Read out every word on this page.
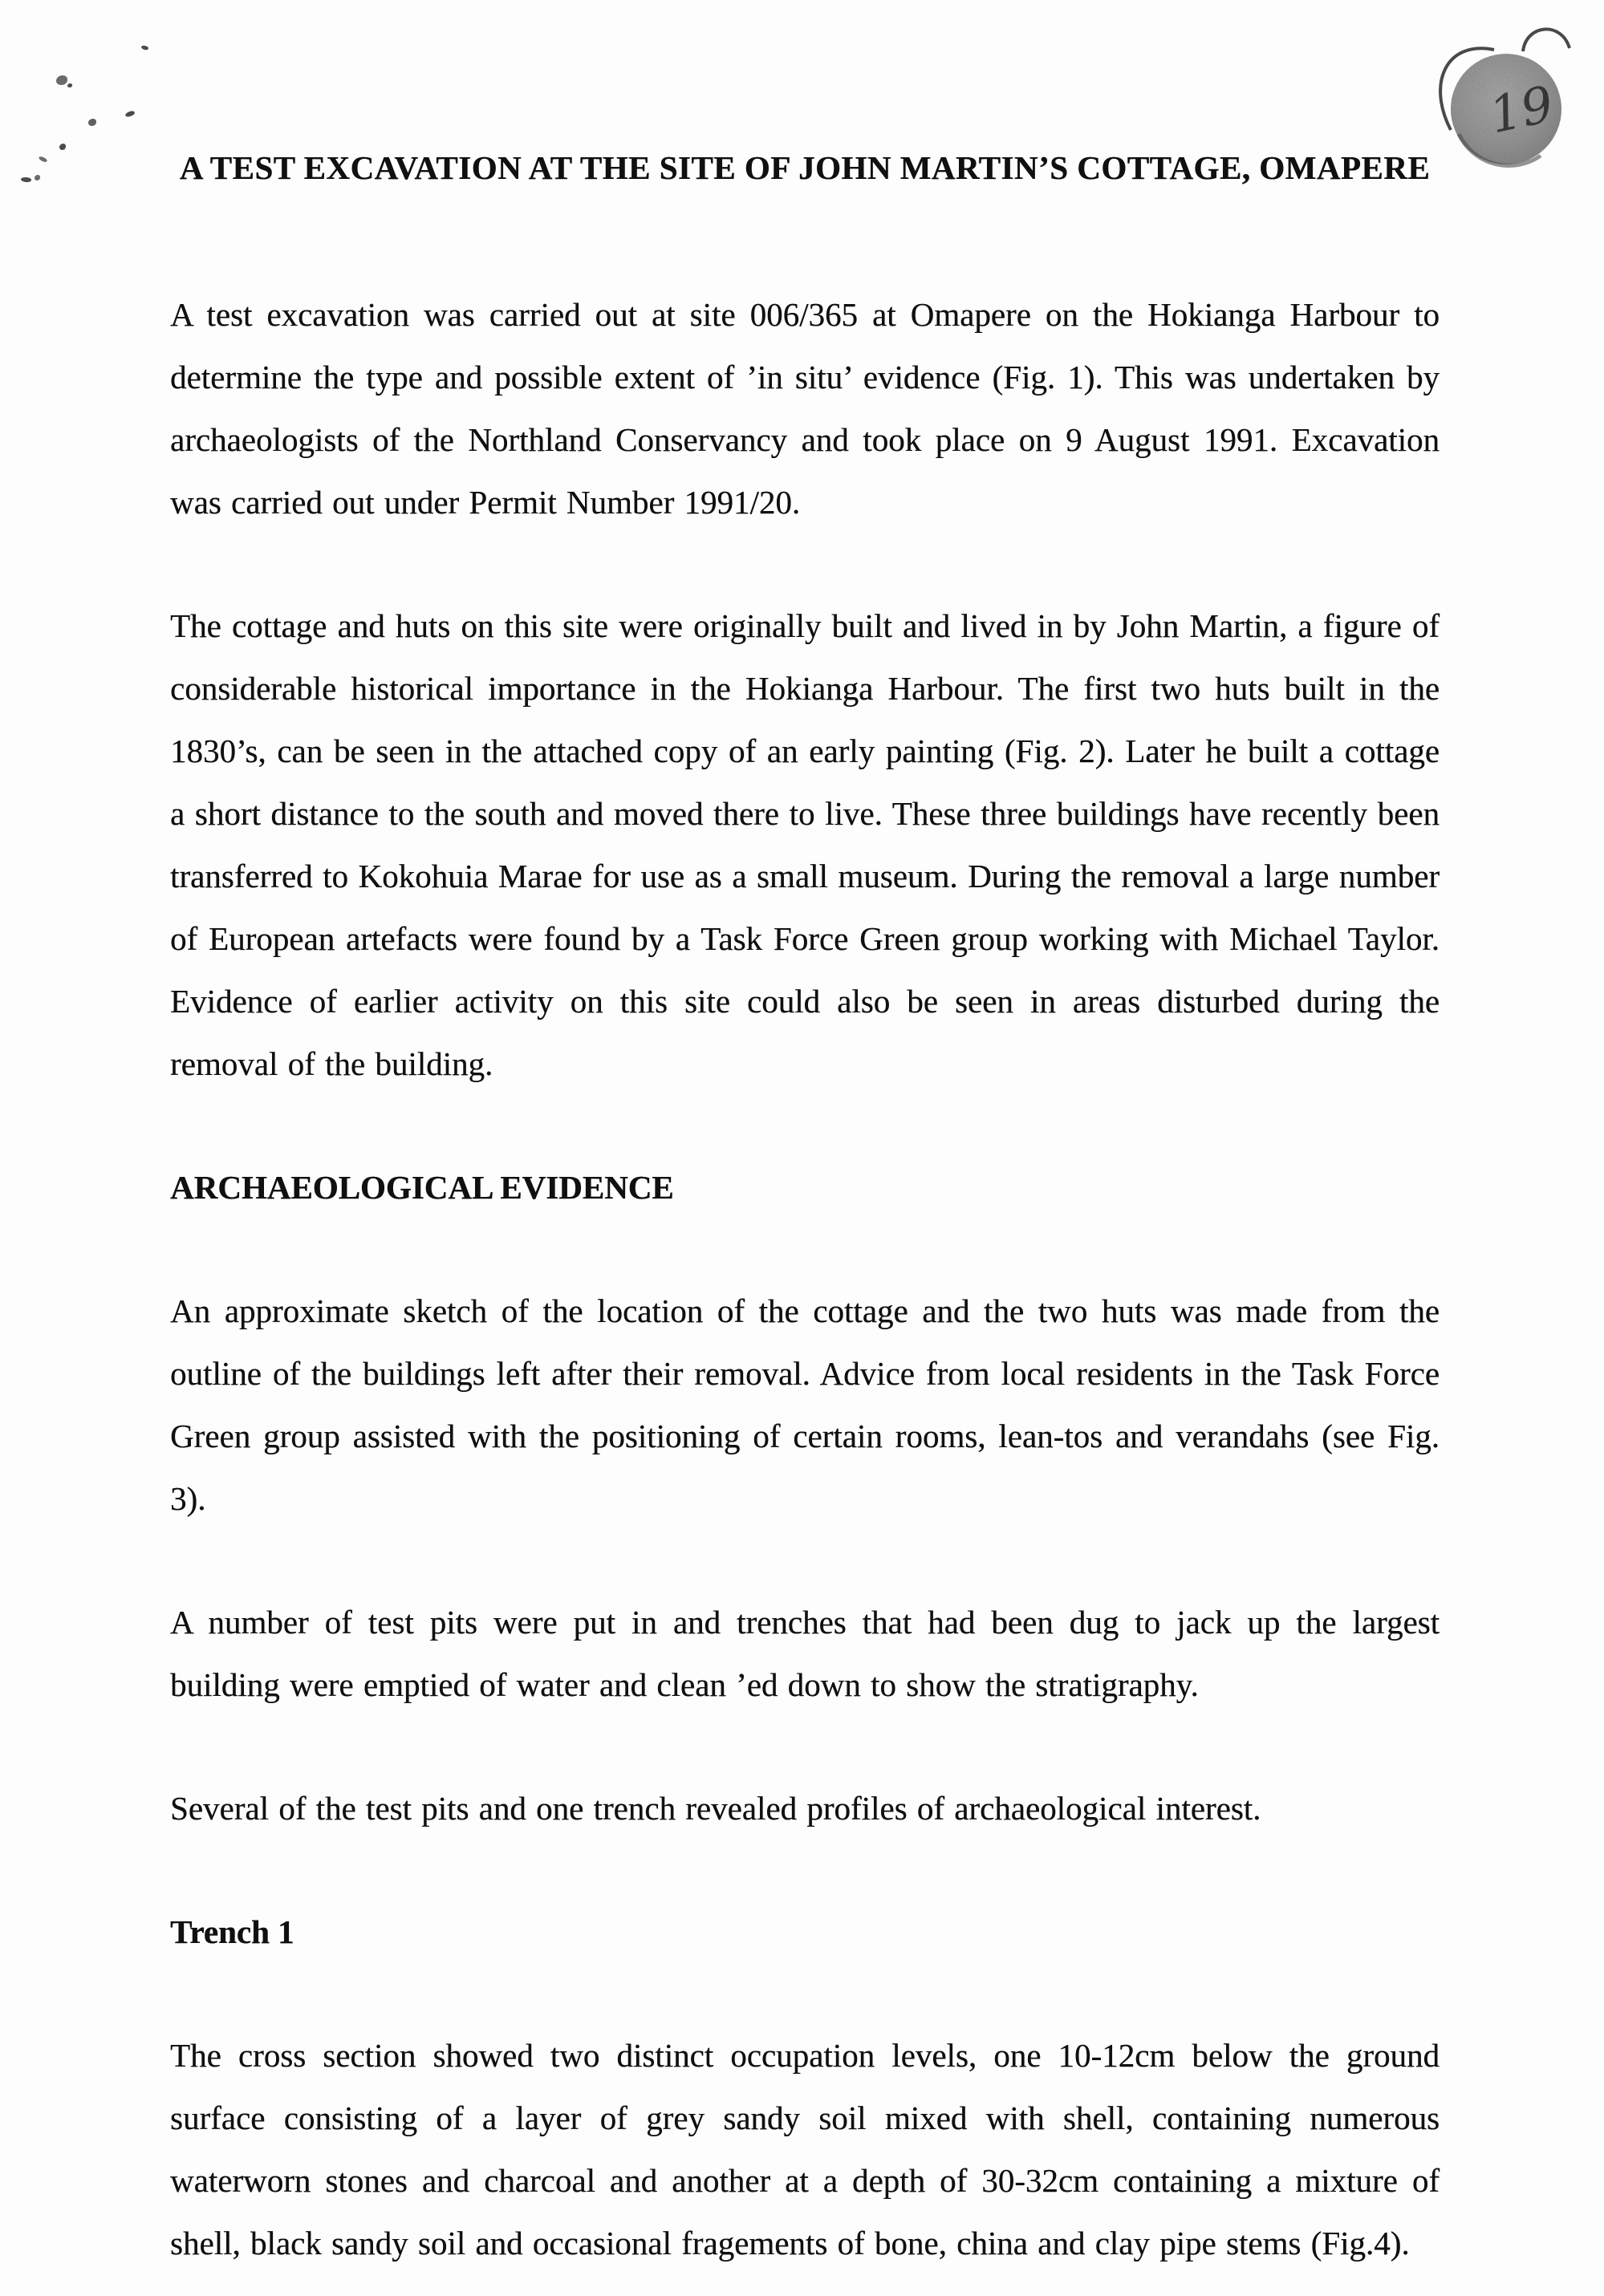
19
A TEST EXCAVATION AT THE SITE OF JOHN MARTIN’S COTTAGE, OMAPERE

A test excavation was carried out at site 006/365 at Omapere on the Hokianga Harbour to determine the type and possible extent of ’in situ’ evidence (Fig. 1). This was undertaken by archaeologists of the Northland Conservancy and took place on 9 August 1991. Excavation was carried out under Permit Number 1991/20.

The cottage and huts on this site were originally built and lived in by John Martin, a figure of considerable historical importance in the Hokianga Harbour. The first two huts built in the 1830’s, can be seen in the attached copy of an early painting (Fig. 2). Later he built a cottage a short distance to the south and moved there to live. These three buildings have recently been transferred to Kokohuia Marae for use as a small museum. During the removal a large number of European artefacts were found by a Task Force Green group working with Michael Taylor. Evidence of earlier activity on this site could also be seen in areas disturbed during the removal of the building.

ARCHAEOLOGICAL EVIDENCE

An approximate sketch of the location of the cottage and the two huts was made from the outline of the buildings left after their removal. Advice from local residents in the Task Force Green group assisted with the positioning of certain rooms, lean-tos and verandahs (see Fig. 3).

A number of test pits were put in and trenches that had been dug to jack up the largest building were emptied of water and clean ʼed down to show the stratigraphy.

Several of the test pits and one trench revealed profiles of archaeological interest.

Trench 1

The cross section showed two distinct occupation levels, one 10-12cm below the ground surface consisting of a layer of grey sandy soil mixed with shell, containing numerous waterworn stones and charcoal and another at a depth of 30-32cm containing a mixture of shell, black sandy soil and occasional fragements of bone, china and clay pipe stems (Fig.4).
